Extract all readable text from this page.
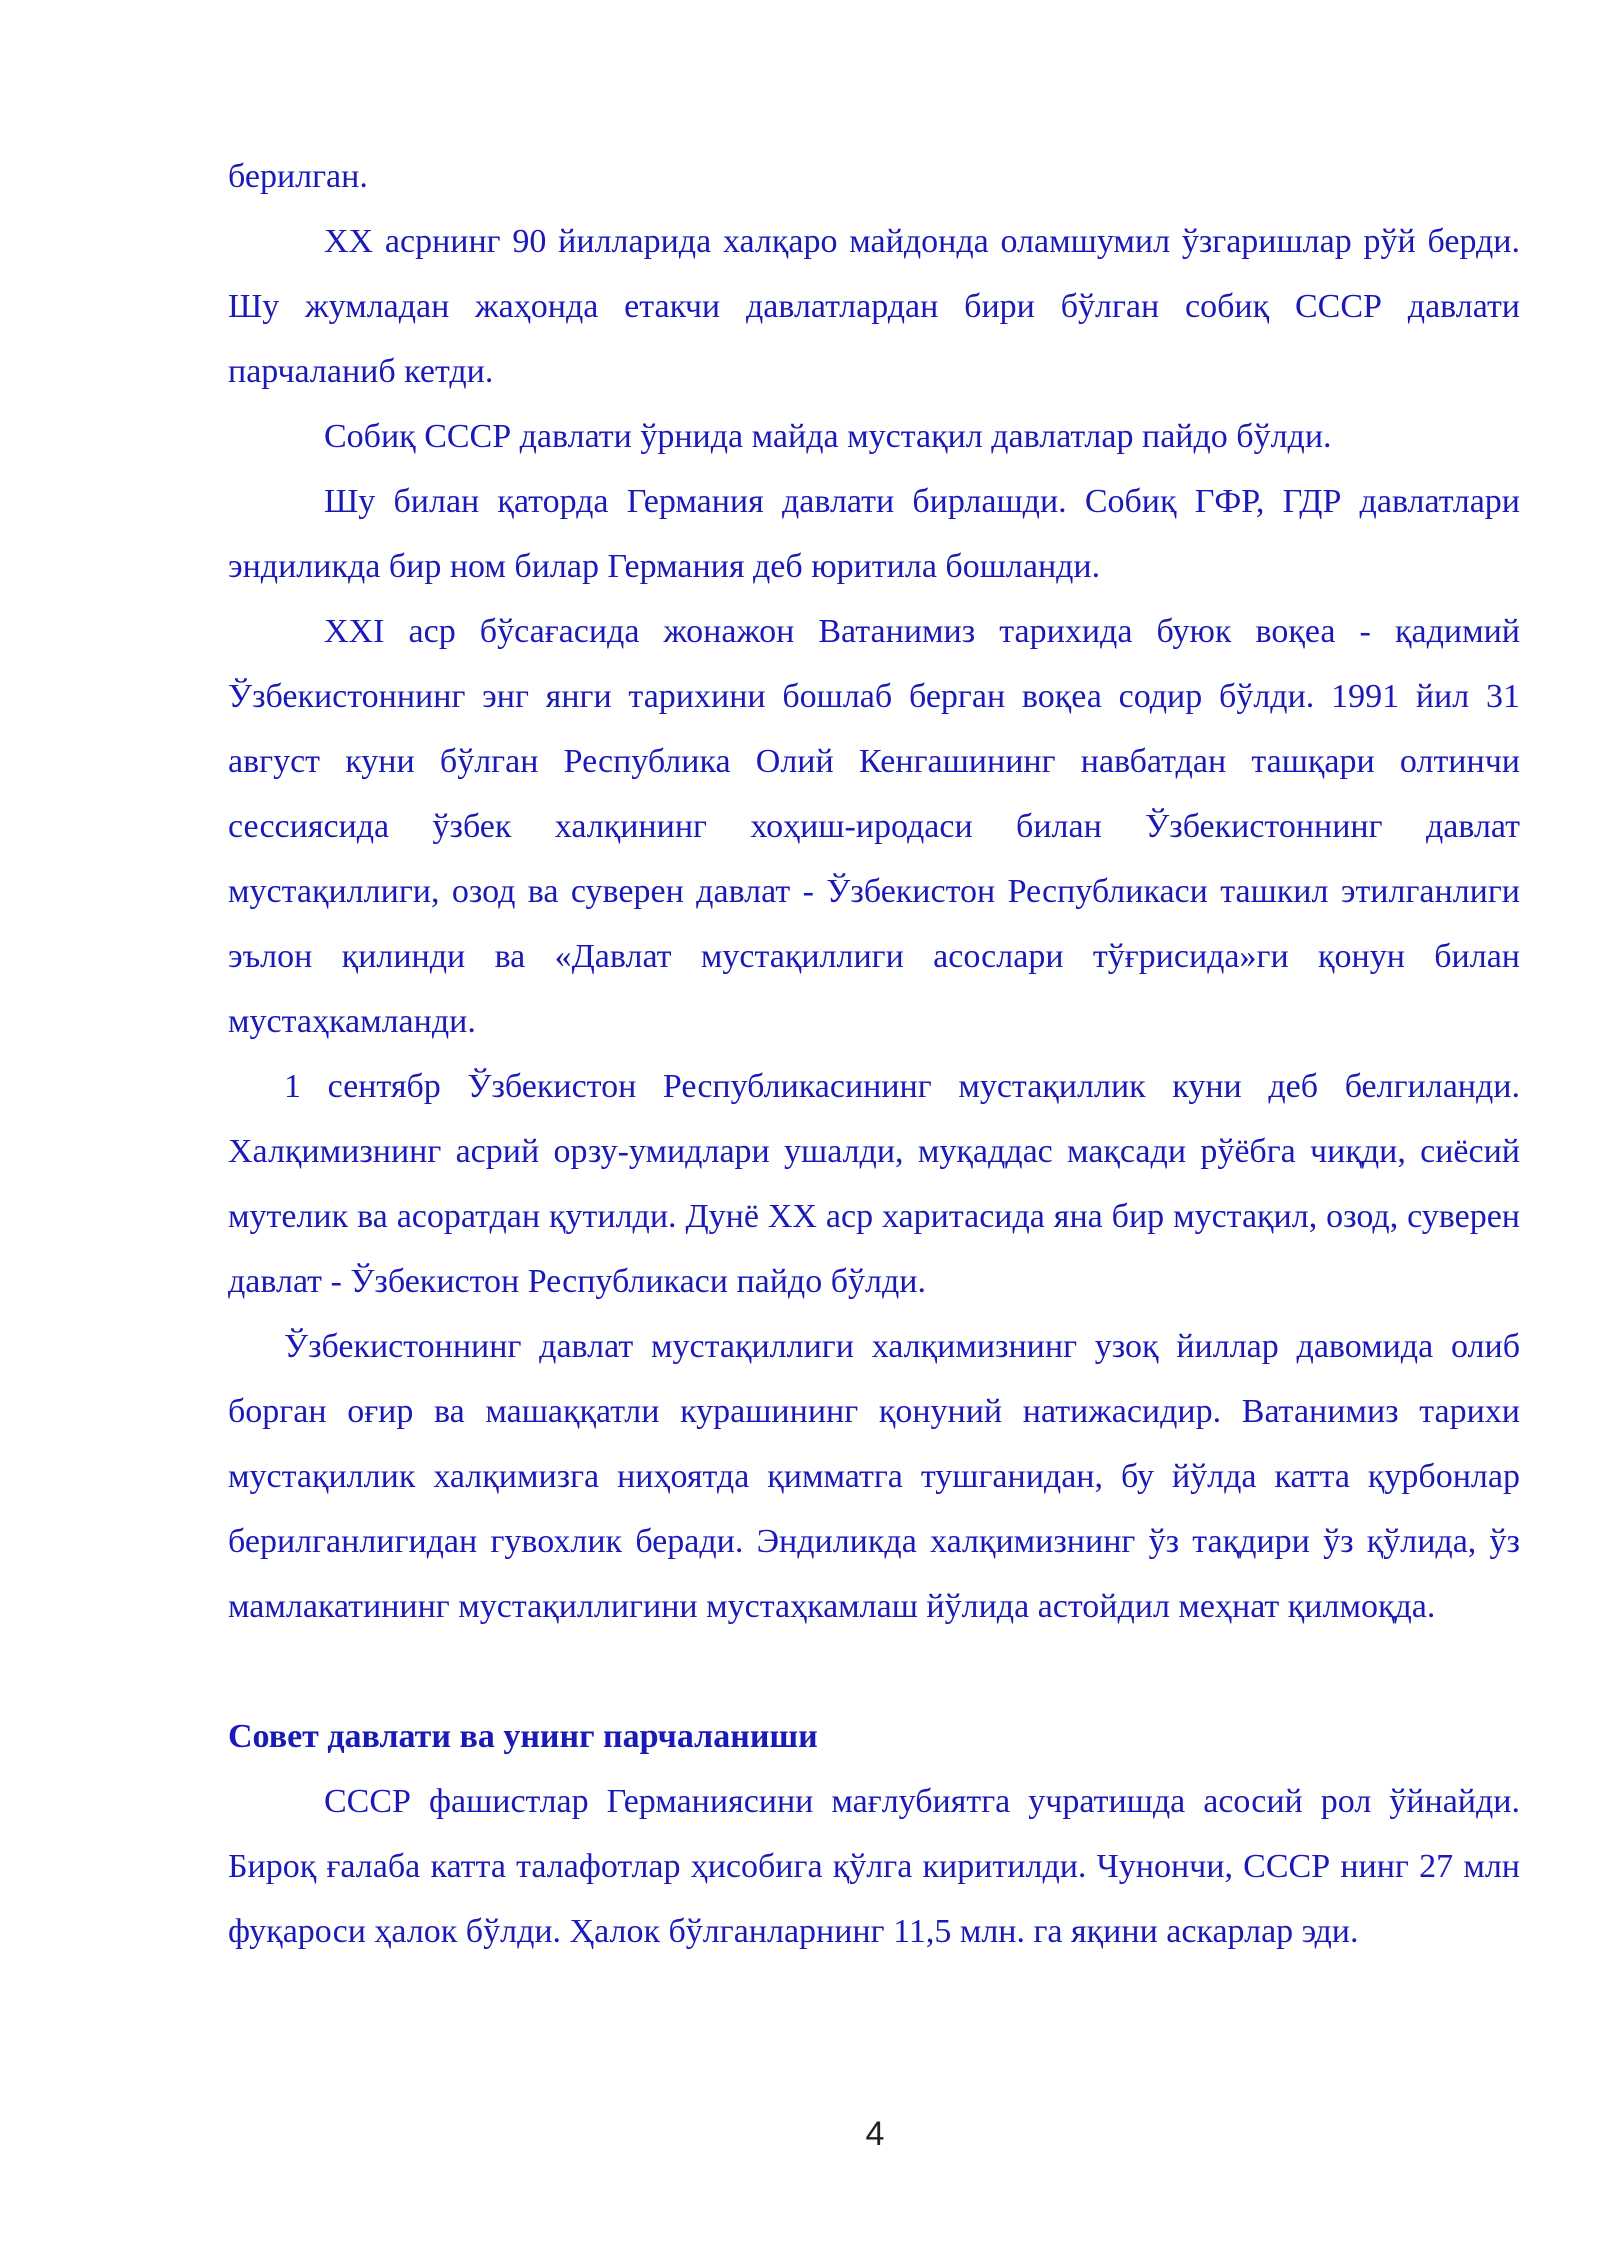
берилган.

XX асрнинг 90 йилларида халқаро майдонда оламшумил ўзгаришлар рўй берди. Шу жумладан жаҳонда етакчи давлатлардан бири бўлган собиқ СССР давлати парчаланиб кетди.

Собиқ СССР давлати ўрнида майда мустақил давлатлар пайдо бўлди.

Шу билан қаторда Германия давлати бирлашди. Собиқ ГФР, ГДР давлатлари эндиликда бир ном билар Германия деб юритила бошланди.

XXI аср бўсағасида жонажон Ватанимиз тарихида буюк воқеа - қадимий Ўзбекистоннинг энг янги тарихини бошлаб берган воқеа содир бўлди. 1991 йил 31 август куни бўлган Республика Олий Кенгашининг навбатдан ташқари олтинчи сессиясида ўзбек халқининг хоҳиш-иродаси билан Ўзбекистоннинг давлат мустақиллиги, озод ва суверен давлат - Ўзбекистон Республикаси ташкил этилганлиги эълон қилинди ва «Давлат мустақиллиги асослари тўғрисида»ги қонун билан мустаҳкамланди.

1 сентябр Ўзбекистон Республикасининг мустақиллик куни деб белгиланди. Халқимизнинг асрий орзу-умидлари ушалди, муқаддас мақсади рўёбга чиқди, сиёсий мутелик ва асоратдан қутилди. Дунё XX аср харитасида яна бир мустақил, озод, суверен давлат - Ўзбекистон Республикаси пайдо бўлди.

Ўзбекистоннинг давлат мустақиллиги халқимизнинг узоқ йиллар давомида олиб борган оғир ва машаққатли курашининг қонуний натижасидир. Ватанимиз тарихи мустақиллик халқимизга ниҳоятда қимматга тушганидан, бу йўлда катта қурбонлар берилганлигидан гувохлик беради. Эндиликда халқимизнинг ўз тақдири ўз қўлида, ўз мамлакатининг мустақиллигини мустаҳкамлаш йўлида астойдил меҳнат қилмоқда.

Совет давлати ва унинг парчаланиши

СССР фашистлар Германиясини мағлубиятга учратишда асосий рол ўйнайди. Бироқ ғалаба катта талафотлар ҳисобига қўлга киритилди. Чунончи, СССР нинг 27 млн фуқароси ҳалок бўлди. Ҳалок бўлганларнинг 11,5 млн. га яқини аскарлар эди.

4
